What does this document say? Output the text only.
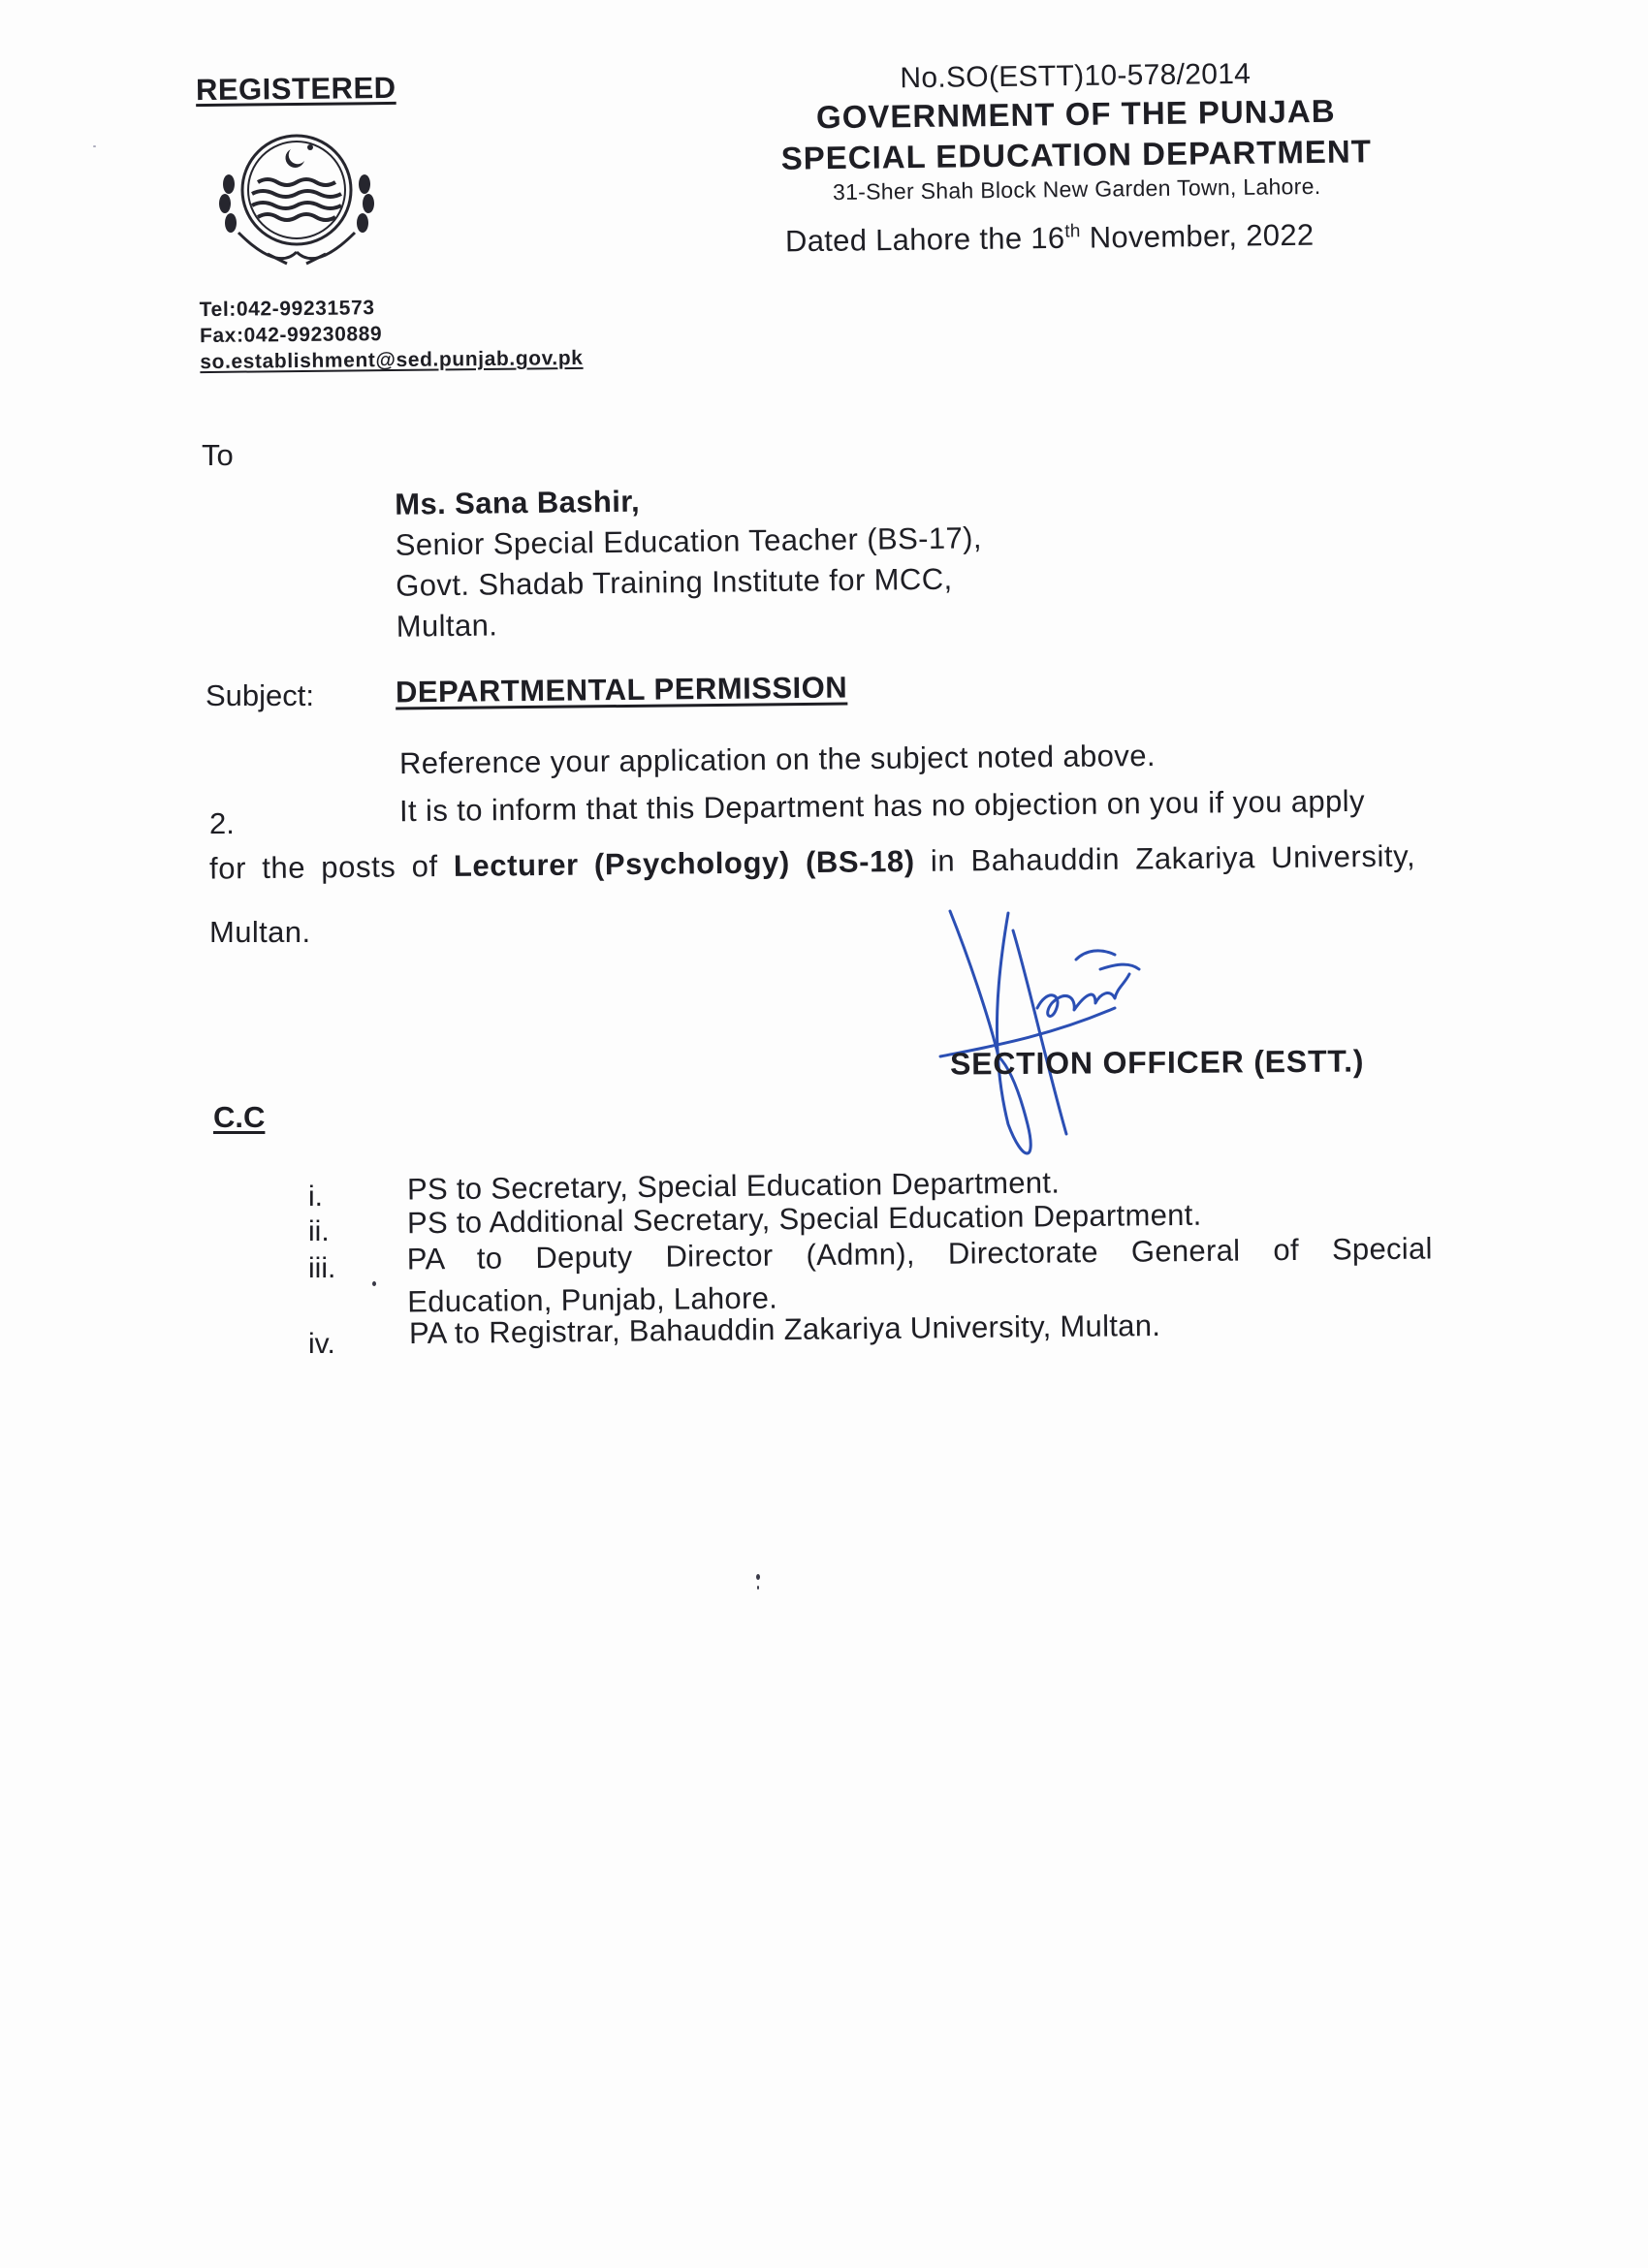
REGISTERED
Tel:042-99231573
Fax:042-99230889
so.establishment@sed.punjab.gov.pk
No.SO(ESTT)10-578/2014
GOVERNMENT OF THE PUNJAB
SPECIAL EDUCATION DEPARTMENT
31-Sher Shah Block New Garden Town, Lahore.
Dated Lahore the 16th November, 2022
To
Ms. Sana Bashir,
Senior Special Education Teacher (BS-17),
Govt. Shadab Training Institute for MCC,
Multan.
Subject:	DEPARTMENTAL PERMISSION
Reference your application on the subject noted above.
2.	It is to inform that this Department has no objection on you if you apply
for the posts of Lecturer (Psychology) (BS-18) in Bahauddin Zakariya University,
Multan.
SECTION OFFICER (ESTT.)
C.C
i.	PS to Secretary, Special Education Department.
ii.	PS to Additional Secretary, Special Education Department.
iii. PA to Deputy Director (Admn), Directorate General of Special
Education, Punjab, Lahore.
iv. PA to Registrar, Bahauddin Zakariya University, Multan.
